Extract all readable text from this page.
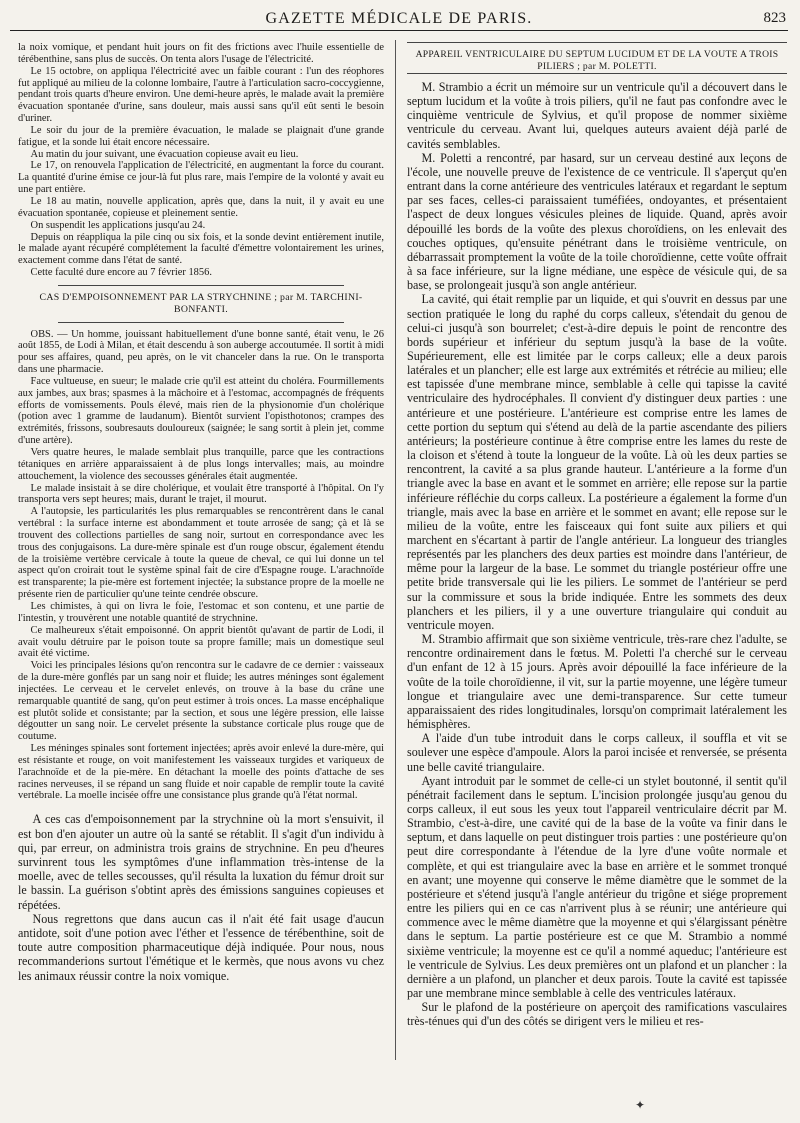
GAZETTE MÉDICALE DE PARIS.	823

la noix vomique, et pendant huit jours on fit des frictions avec l'huile essentielle de térébenthine, sans plus de succès. On tenta alors l'usage de l'électricité.

Le 15 octobre, on appliqua l'électricité avec un faible courant : l'un des réophores fut appliqué au milieu de la colonne lombaire, l'autre à l'articulation sacro-coccygienne, pendant trois quarts d'heure environ. Une demi-heure après, le malade avait la première évacuation spontanée d'urine, sans douleur, mais aussi sans qu'il eût senti le besoin d'uriner.

Le soir du jour de la première évacuation, le malade se plaignait d'une grande fatigue, et la sonde lui était encore nécessaire.

Au matin du jour suivant, une évacuation copieuse avait eu lieu.

Le 17, on renouvela l'application de l'électricité, en augmentant la force du courant. La quantité d'urine émise ce jour-là fut plus rare, mais l'empire de la volonté y avait eu une part entière.

Le 18 au matin, nouvelle application, après que, dans la nuit, il y avait eu une évacuation spontanée, copieuse et pleinement sentie.

On suspendit les applications jusqu'au 24.

Depuis on réappliqua la pile cinq ou six fois, et la sonde devint entièrement inutile, le malade ayant récupéré complétement la faculté d'émettre volontairement les urines, exactement comme dans l'état de santé.

Cette faculté dure encore au 7 février 1856.

CAS D'EMPOISONNEMENT PAR LA STRYCHNINE ; par M. TARCHINI-BONFANTI.

OBS. — Un homme, jouissant habituellement d'une bonne santé, était venu, le 26 août 1855, de Lodi à Milan, et était descendu à son auberge accoutumée. Il sortit à midi pour ses affaires, quand, peu après, on le vit chanceler dans la rue. On le transporta dans une pharmacie.

Face vultueuse, en sueur; le malade crie qu'il est atteint du choléra. Fourmillements aux jambes, aux bras; spasmes à la mâchoire et à l'estomac, accompagnés de fréquents efforts de vomissements. Pouls élevé, mais rien de la physionomie d'un cholérique (potion avec 1 gramme de laudanum). Bientôt survient l'opisthotonos; crampes des extrémités, frissons, soubresauts douloureux (saignée; le sang sortit à plein jet, comme d'une artère).

Vers quatre heures, le malade semblait plus tranquille, parce que les contractions tétaniques en arrière apparaissaient à de plus longs intervalles; mais, au moindre attouchement, la violence des secousses générales était augmentée.

Le malade insistait à se dire cholérique, et voulait être transporté à l'hôpital. On l'y transporta vers sept heures; mais, durant le trajet, il mourut.

A l'autopsie, les particularités les plus remarquables se rencontrèrent dans le canal vertébral : la surface interne est abondamment et toute arrosée de sang; çà et là se trouvent des collections partielles de sang noir, surtout en correspondance avec les trous des conjugaisons. La dure-mère spinale est d'un rouge obscur, également étendu de la troisième vertèbre cervicale à toute la queue de cheval, ce qui lui donne un tel aspect qu'on croirait tout le système spinal fait de cire d'Espagne rouge. L'arachnoïde est transparente; la pie-mère est fortement injectée; la substance propre de la moelle ne présente rien de particulier qu'une teinte cendrée obscure.

Les chimistes, à qui on livra le foie, l'estomac et son contenu, et une partie de l'intestin, y trouvèrent une notable quantité de strychnine.

Ce malheureux s'était empoisonné. On apprit bientôt qu'avant de partir de Lodi, il avait voulu détruire par le poison toute sa propre famille; mais un domestique seul avait été victime.

Voici les principales lésions qu'on rencontra sur le cadavre de ce dernier : vaisseaux de la dure-mère gonflés par un sang noir et fluide; les autres méninges sont également injectées. Le cerveau et le cervelet enlevés, on trouve à la base du crâne une remarquable quantité de sang, qu'on peut estimer à trois onces. La masse encéphalique est plutôt solide et consistante; par la section, et sous une légère pression, elle laisse dégoutter un sang noir. Le cervelet présente la substance corticale plus rouge que de coutume.

Les méninges spinales sont fortement injectées; après avoir enlevé la dure-mère, qui est résistante et rouge, on voit manifestement les vaisseaux turgides et variqueux de l'arachnoïde et de la pie-mère. En détachant la moelle des points d'attache de ses racines nerveuses, il se répand un sang fluide et noir capable de remplir toute la cavité vertébrale. La moelle incisée offre une consistance plus grande qu'à l'état normal.

A ces cas d'empoisonnement par la strychnine où la mort s'ensuivit, il est bon d'en ajouter un autre où la santé se rétablit. Il s'agit d'un individu à qui, par erreur, on administra trois grains de strychnine. En peu d'heures survinrent tous les symptômes d'une inflammation très-intense de la moelle, avec de telles secousses, qu'il résulta la luxation du fémur droit sur le bassin. La guérison s'obtint après des émissions sanguines copieuses et répétées.

Nous regrettons que dans aucun cas il n'ait été fait usage d'aucun antidote, soit d'une potion avec l'éther et l'essence de térébenthine, soit de toute autre composition pharmaceutique déjà indiquée. Pour nous, nous recommanderions surtout l'émétique et le kermès, que nous avons vu chez les animaux réussir contre la noix vomique.

APPAREIL VENTRICULAIRE DU SEPTUM LUCIDUM ET DE LA VOUTE A TROIS PILIERS ; par M. POLETTI.

M. Strambio a écrit un mémoire sur un ventricule qu'il a découvert dans le septum lucidum et la voûte à trois piliers, qu'il ne faut pas confondre avec le cinquième ventricule de Sylvius, et qu'il propose de nommer sixième ventricule du cerveau. Avant lui, quelques auteurs avaient déjà parlé de cavités semblables.

M. Poletti a rencontré, par hasard, sur un cerveau destiné aux leçons de l'école, une nouvelle preuve de l'existence de ce ventricule. Il s'aperçut qu'en entrant dans la corne antérieure des ventricules latéraux et regardant le septum par ses faces, celles-ci paraissaient tuméfiées, ondoyantes, et présentaient l'aspect de deux longues vésicules pleines de liquide. Quand, après avoir dépouillé les bords de la voûte des plexus choroïdiens, on les enlevait des couches optiques, qu'ensuite pénétrant dans le troisième ventricule, on débarrassait promptement la voûte de la toile choroïdienne, cette voûte offrait à sa face inférieure, sur la ligne médiane, une espèce de vésicule qui, de sa base, se prolongeait jusqu'à son angle antérieur.

La cavité, qui était remplie par un liquide, et qui s'ouvrit en dessus par une section pratiquée le long du raphé du corps calleux, s'étendait du genou de celui-ci jusqu'à son bourrelet; c'est-à-dire depuis le point de rencontre des bords supérieur et inférieur du septum jusqu'à la base de la voûte. Supérieurement, elle est limitée par le corps calleux; elle a deux parois latérales et un plancher; elle est large aux extrémités et rétrécie au milieu; elle est tapissée d'une membrane mince, semblable à celle qui tapisse la cavité ventriculaire des hydrocéphales. Il convient d'y distinguer deux parties : une antérieure et une postérieure. L'antérieure est comprise entre les lames de cette portion du septum qui s'étend au delà de la partie ascendante des piliers antérieurs; la postérieure continue à être comprise entre les lames du reste de la cloison et s'étend à toute la longueur de la voûte. Là où les deux parties se rencontrent, la cavité a sa plus grande hauteur. L'antérieure a la forme d'un triangle avec la base en avant et le sommet en arrière; elle repose sur la partie inférieure réfléchie du corps calleux. La postérieure a également la forme d'un triangle, mais avec la base en arrière et le sommet en avant; elle repose sur le milieu de la voûte, entre les faisceaux qui font suite aux piliers et qui marchent en s'écartant à partir de l'angle antérieur. La longueur des triangles représentés par les planchers des deux parties est moindre dans l'antérieur, de même pour la largeur de la base. Le sommet du triangle postérieur offre une petite bride transversale qui lie les piliers. Le sommet de l'antérieur se perd sur la commissure et sous la bride indiquée. Entre les sommets des deux planchers et les piliers, il y a une ouverture triangulaire qui conduit au ventricule moyen.

M. Strambio affirmait que son sixième ventricule, très-rare chez l'adulte, se rencontre ordinairement dans le fœtus. M. Poletti l'a cherché sur le cerveau d'un enfant de 12 à 15 jours. Après avoir dépouillé la face inférieure de la voûte de la toile choroïdienne, il vit, sur la partie moyenne, une légère tumeur longue et triangulaire avec une demi-transparence. Sur cette tumeur apparaissaient des rides longitudinales, lorsqu'on comprimait latéralement les hémisphères.

A l'aide d'un tube introduit dans le corps calleux, il souffla et vit se soulever une espèce d'ampoule. Alors la paroi incisée et renversée, se présenta une belle cavité triangulaire.

Ayant introduit par le sommet de celle-ci un stylet boutonné, il sentit qu'il pénétrait facilement dans le septum. L'incision prolongée jusqu'au genou du corps calleux, il eut sous les yeux tout l'appareil ventriculaire décrit par M. Strambio, c'est-à-dire, une cavité qui de la base de la voûte va finir dans le septum, et dans laquelle on peut distinguer trois parties : une postérieure qu'on peut dire correspondante à l'étendue de la lyre d'une voûte normale et complète, et qui est triangulaire avec la base en arrière et le sommet tronqué en avant; une moyenne qui conserve le même diamètre que le sommet de la postérieure et s'étend jusqu'à l'angle antérieur du trigône et siége proprement entre les piliers qui en ce cas n'arrivent plus à se réunir; une antérieure qui commence avec le même diamètre que la moyenne et qui s'élargissant pénètre dans le septum. La partie postérieure est ce que M. Strambio a nommé sixième ventricule; la moyenne est ce qu'il a nommé aqueduc; l'antérieure est le ventricule de Sylvius. Les deux premières ont un plafond et un plancher : la dernière a un plafond, un plancher et deux parois. Toute la cavité est tapissée par une membrane mince semblable à celle des ventricules latéraux.

Sur le plafond de la postérieure on aperçoit des ramifications vasculaires très-ténues qui d'un des côtés se dirigent vers le milieu et res-

✦
